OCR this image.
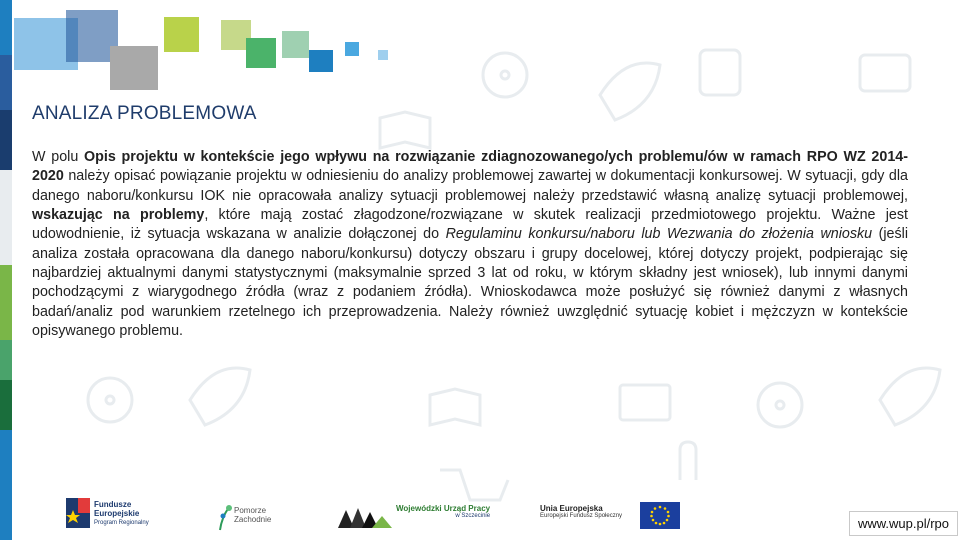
ANALIZA PROBLEMOWA
W polu Opis projektu w kontekście jego wpływu na rozwiązanie zdiagnozowanego/ych problemu/ów w ramach RPO WZ 2014-2020 należy opisać powiązanie projektu w odniesieniu do analizy problemowej zawartej w dokumentacji konkursowej. W sytuacji, gdy dla danego naboru/konkursu IOK nie opracowała analizy sytuacji problemowej należy przedstawić własną analizę sytuacji problemowej, wskazując na problemy, które mają zostać złagodzone/rozwiązane w skutek realizacji przedmiotowego projektu. Ważne jest udowodnienie, iż sytuacja wskazana w analizie dołączonej do Regulaminu konkursu/naboru lub Wezwania do złożenia wniosku (jeśli analiza została opracowana dla danego naboru/konkursu) dotyczy obszaru i grupy docelowej, której dotyczy projekt, podpierając się najbardziej aktualnymi danymi statystycznymi (maksymalnie sprzed 3 lat od roku, w którym składny jest wniosek), lub innymi danymi pochodzącymi z wiarygodnego źródła (wraz z podaniem źródła). Wnioskodawca może posłużyć się również danymi z własnych badań/analiz pod warunkiem rzetelnego ich przeprowadzenia. Należy również uwzględnić sytuację kobiet i mężczyzn w kontekście opisywanego problemu.
Fundusze
Europejskie
Program Regionalny
Pomorze
Zachodnie
Wojewódzki Urząd Pracy
w Szczecinie
Unia Europejska
Europejski Fundusz Społeczny	www.wup.pl/rpo
